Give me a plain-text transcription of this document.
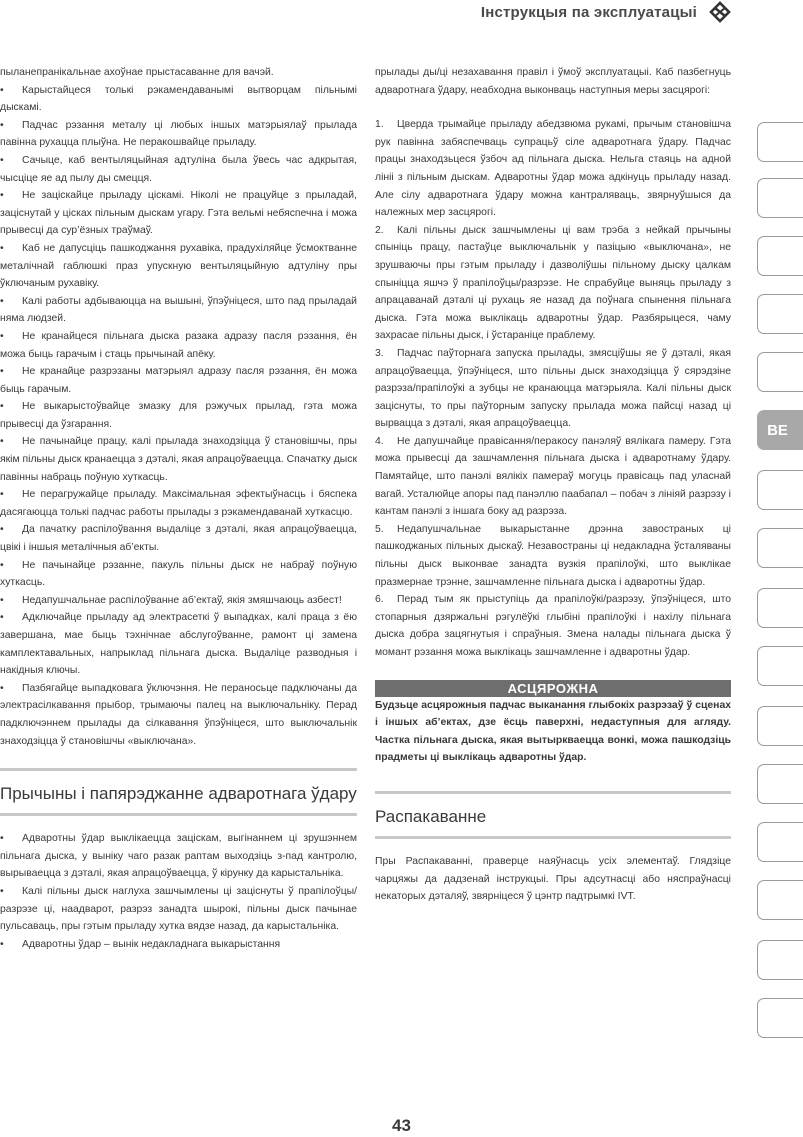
Інструкцыя па эксплуатацыі

пыланепранікальнае ахоўнае прыстасаванне для вачэй.

• Карыстайцеся толькі рэкамендаванымі вытворцам пільнымі дыскамі.

• Падчас рэзання металу ці любых іншых матэрыялаў прылада павінна рухацца плыўна. Не перакошвайце прыладу.

• Сачыце, каб вентыляцыйная адтуліна была ўвесь час адкрытая, чысціце яе ад пылу ды смецця.

• Не заціскайце прыладу ціскамі. Ніколі не працуйце з прыладай, заціснутай у цісках пільным дыскам угару. Гэта вельмі небяспечна і можа прывесці да сур’ёзных траўмаў.

• Каб не дапусціць пашкоджання рухавіка, прадухіляйце ўсмоктванне металічнай габлюшкі праз упускную вентыляцыйную адтуліну пры ўключаным рухавіку.

• Калі работы адбываюцца на вышыні, ўпэўніцеся, што пад прыладай няма людзей.

• Не кранайцеся пільнага дыска разака адразу пасля рэзання, ён можа быць гарачым і стаць прычынай апёку.

• Не кранайце разрэзаны матэрыял адразу пасля рэзання, ён можа быць гарачым.

• Не выкарыстоўвайце змазку для рэжучых прылад, гэта можа прывесці да ўзгарання.

• Не пачынайце працу, калі прылада знаходзіцца ў становішчы, пры якім пільны дыск кранаецца з дэталі, якая апрацоўваецца. Спачатку дыск павінны набраць поўную хуткасць.

• Не перагружайце прыладу. Максімальная эфектыўнасць і бяспека дасягаюцца толькі падчас работы прылады з рэкамендаванай хуткасцю.

• Да пачатку распілоўвання выдаліце з дэталі, якая апрацоўваецца, цвікі і іншыя металічныя аб’екты.

• Не пачынайце рэзанне, пакуль пільны дыск не набраў поўную хуткасць.

• Недапушчальнае распілоўванне аб’ектаў, якія змяшчаюць азбест!

• Адключайце прыладу ад электрасеткі ў выпадках, калі праца з ёю завершана, мае быць тэхнічнае абслугоўванне, рамонт ці замена камплектавальных, напрыклад пільнага дыска. Выдаліце разводныя і накідныя ключы.

• Пазбягайце выпадковага ўключэння. Не пераносьце падключаны да электрасілкавання прыбор, трымаючы палец на выключальніку. Перад падключэннем прылады да сілкавання ўпэўніцеся, што выключальнік знаходзіцца ў становішчы «выключана».

Прычыны і папярэджанне адваротнага ўдару

• Адваротны ўдар выклікаецца заціскам, выгінаннем ці зрушэннем пільнага дыска, у выніку чаго разак раптам выходзіць з-пад кантролю, вырываецца з дэталі, якая апрацоўваецца, ў кірунку да карыстальніка.

• Калі пільны дыск наглуха зашчымлены ці заціснуты ў прапілоўцы/разрэзе ці, наадварот, разрэз занадта шырокі, пільны дыск пачынае пульсаваць, пры гэтым прыладу хутка вядзе назад, да карыстальніка.

• Адваротны ўдар – вынік недакладнага выкарыстання

прылады ды/ці незахавання правіл і ўмоў эксплуатацыі. Каб пазбегнуць адваротнага ўдару, неабходна выконваць наступныя меры засцярогі:

1. Цверда трымайце прыладу абедзвюма рукамі, прычым становішча рук павінна забяспечваць супрацьў сіле адваротнага ўдару. Падчас працы знаходзьцеся ўзбоч ад пільнага дыска. Нельга стаяць на адной лініі з пільным дыскам. Адваротны ўдар можа адкінуць прыладу назад. Але сілу адваротнага ўдару можна кантраляваць, звярнуўшыся да належных мер засцярогі.

2. Калі пільны дыск зашчымлены ці вам трэба з нейкай прычыны спыніць працу, пастаўце выключальнік у пазіцыю «выключана», не зрушваючы пры гэтым прыладу і дазволіўшы пільному дыску цалкам спыніцца яшчэ ў прапілоўцы/разрэзе. Не спрабуйце выняць прыладу з апрацаванай дэталі ці рухаць яе назад да поўнага спынення пільнага дыска. Гэта можа выклікаць адваротны ўдар. Разбярыцеся, чаму захрасае пільны дыск, і ўстараніце праблему.

3. Падчас паўторнага запуска прылады, змясціўшы яе ў дэталі, якая апрацоўваецца, ўпэўніцеся, што пільны дыск знаходзіцца ў сярэдзіне разрэза/прапілоўкі а зубцы не кранаюцца матэрыяла. Калі пільны дыск заціснуты, то пры паўторным запуску прылада можа пайсці назад ці вырвацца з дэталі, якая апрацоўваецца.

4. Не дапушчайце правісання/перакосу панэляў вялікага памеру. Гэта можа прывесці да зашчамлення пільнага дыска і адваротнаму ўдару. Памятайце, што панэлі вялікіх памераў могуць правісаць пад уласнай вагай. Усталюйце апоры пад панэллю паабапал – побач з лініяй разрэзу і кантам панэлі з іншага боку ад разрэза.

5. Недапушчальнае выкарыстанне дрэнна завостраных ці пашкоджаных пільных дыскаў. Незавостраны ці недакладна ўсталяваны пільны дыск выконвае занадта вузкія прапілоўкі, што выклікае празмернае трэнне, зашчамленне пільнага дыска і адваротны ўдар.

6. Перад тым як прыступіць да прапілоўкі/разрэзу, ўпэўніцеся, што стопарныя дзяржальні рэгулёўкі глыбіні прапілоўкі і нахілу пільнага дыска добра зацягнутыя і спраўныя. Змена налады пільнага дыска ў момант рэзання можа выклікаць зашчамленне і адваротны ўдар.

АСЦЯРОЖНА

Будзьце асцярожныя падчас выканання глыбокіх разрэзаў ў сценах і іншых аб’ектах, дзе ёсць паверхні, недаступныя для агляду. Частка пільнага дыска, якая вытыркваецца вонкі, можа пашкодзіць прадметы ці выклікаць адваротны ўдар.

Распакаванне

Пры Распакаванні, праверце наяўнасць усіх элементаў. Глядзіце чарцяжы да дадзенай інструкцыі. Пры адсутнасці або няспраўнасці некаторых дэталяў, звярніцеся ў цэнтр падтрымкі IVT.

BE
43
